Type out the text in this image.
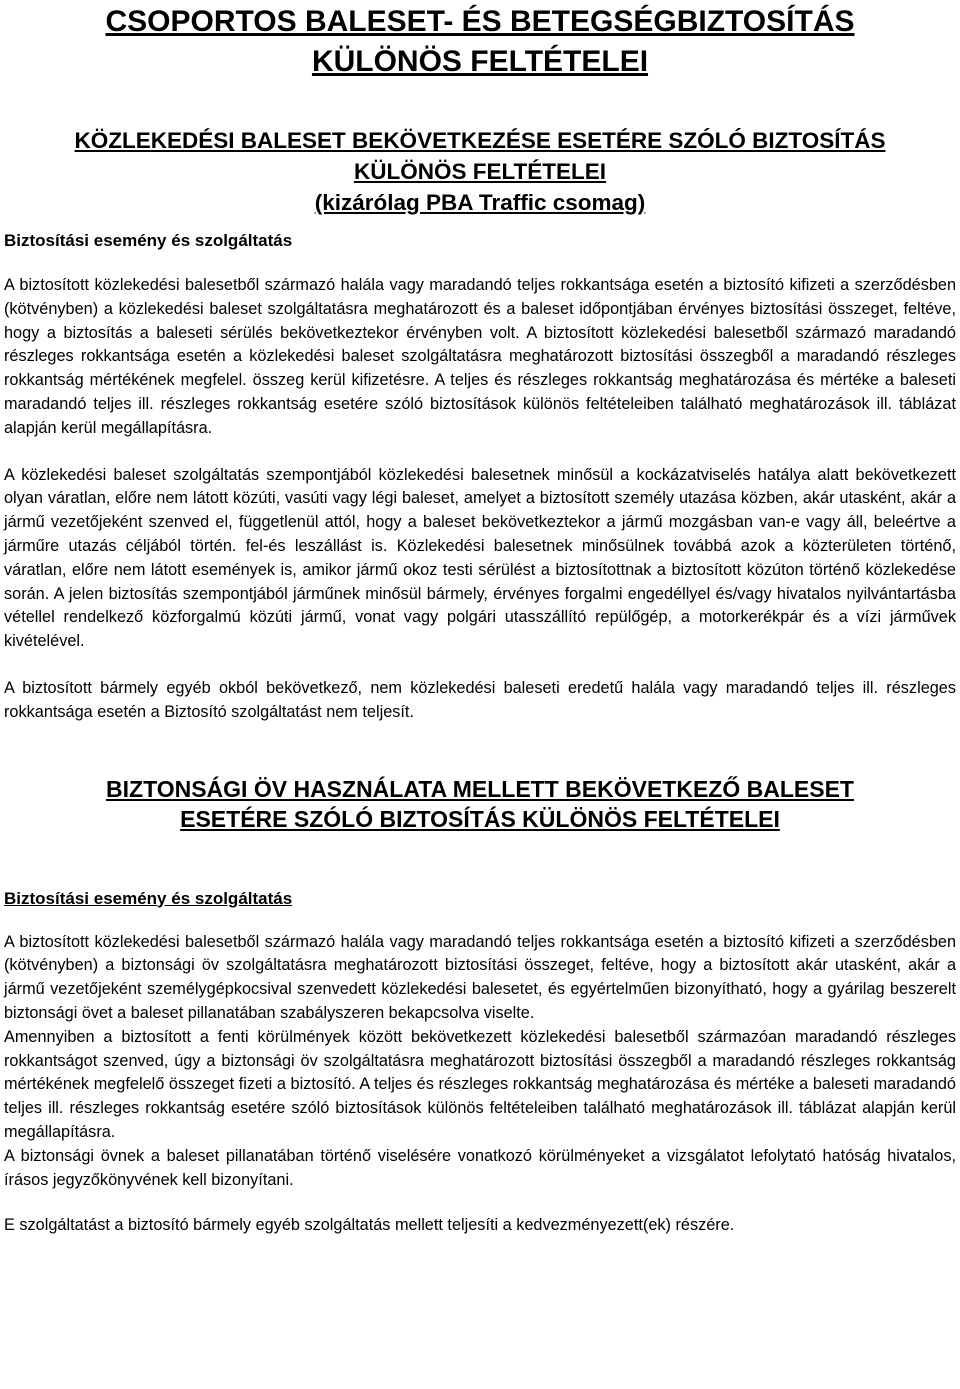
CSOPORTOS BALESET- ÉS BETEGSÉGBIZTOSÍTÁS
KÜLÖNÖS FELTÉTELEI
KÖZLEKEDÉSI BALESET BEKÖVETKEZÉSE ESETÉRE SZÓLÓ BIZTOSÍTÁS
KÜLÖNÖS FELTÉTELEI
(kizárólag PBA Traffic csomag)
Biztosítási esemény és szolgáltatás

A biztosított közlekedési balesetből származó halála vagy maradandó teljes rokkantsága esetén a biztosító kifizeti a szerződésben (kötvényben) a közlekedési baleset szolgáltatásra meghatározott és a baleset időpontjában érvényes biztosítási összeget, feltéve, hogy a biztosítás a baleseti sérülés bekövetkeztekor érvényben volt. A biztosított közlekedési balesetből származó maradandó részleges rokkantsága esetén a közlekedési baleset szolgáltatásra meghatározott biztosítási összegből a maradandó részleges rokkantság mértékének megfelel. összeg kerül kifizetésre. A teljes és részleges rokkantság meghatározása és mértéke a baleseti maradandó teljes ill. részleges rokkantság esetére szóló biztosítások különös feltételeiben található meghatározások ill. táblázat alapján kerül megállapításra.

A közlekedési baleset szolgáltatás szempontjából közlekedési balesetnek minősül a kockázatviselés hatálya alatt bekövetkezett olyan váratlan, előre nem látott közúti, vasúti vagy légi baleset, amelyet a biztosított személy utazása közben, akár utasként, akár a jármű vezetőjeként szenved el, függetlenül attól, hogy a baleset bekövetkeztekor a jármű mozgásban van-e vagy áll, beleértve a járműre utazás céljából történ. fel-és leszállást is. Közlekedési balesetnek minősülnek továbbá azok a közterületen történő, váratlan, előre nem látott események is, amikor jármű okoz testi sérülést a biztosítottnak a biztosított közúton történő közlekedése során. A jelen biztosítás szempontjából járműnek minősül bármely, érvényes forgalmi engedéllyel és/vagy hivatalos nyilvántartásba vétellel rendelkező közforgalmú közúti jármű, vonat vagy polgári utasszállító repülőgép, a motorkerékpár és a vízi járművek kivételével.

A biztosított bármely egyéb okból bekövetkező, nem közlekedési baleseti eredetű halála vagy maradandó teljes ill. részleges rokkantsága esetén a Biztosító szolgáltatást nem teljesít.

BIZTONSÁGI ÖV HASZNÁLATA MELLETT BEKÖVETKEZŐ BALESET
ESETÉRE SZÓLÓ BIZTOSÍTÁS KÜLÖNÖS FELTÉTELEI
Biztosítási esemény és szolgáltatás

A biztosított közlekedési balesetből származó halála vagy maradandó teljes rokkantsága esetén a biztosító kifizeti a szerződésben (kötvényben) a biztonsági öv szolgáltatásra meghatározott biztosítási összeget, feltéve, hogy a biztosított akár utasként, akár a jármű vezetőjeként személygépkocsival szenvedett közlekedési balesetet, és egyértelműen bizonyítható, hogy a gyárilag beszerelt biztonsági övet a baleset pillanatában szabályszeren bekapcsolva viselte.

Amennyiben a biztosított a fenti körülmények között bekövetkezett közlekedési balesetből származóan maradandó részleges rokkantságot szenved, úgy a biztonsági öv szolgáltatásra meghatározott biztosítási összegből a maradandó részleges rokkantság mértékének megfelelő összeget fizeti a biztosító. A teljes és részleges rokkantság meghatározása és mértéke a baleseti maradandó teljes ill. részleges rokkantság esetére szóló biztosítások különös feltételeiben található meghatározások ill. táblázat alapján kerül megállapításra.

A biztonsági övnek a baleset pillanatában történő viselésére vonatkozó körülményeket a vizsgálatot lefolytató hatóság hivatalos, írásos jegyzőkönyvének kell bizonyítani.

E szolgáltatást a biztosító bármely egyéb szolgáltatás mellett teljesíti a kedvezményezett(ek) részére.
